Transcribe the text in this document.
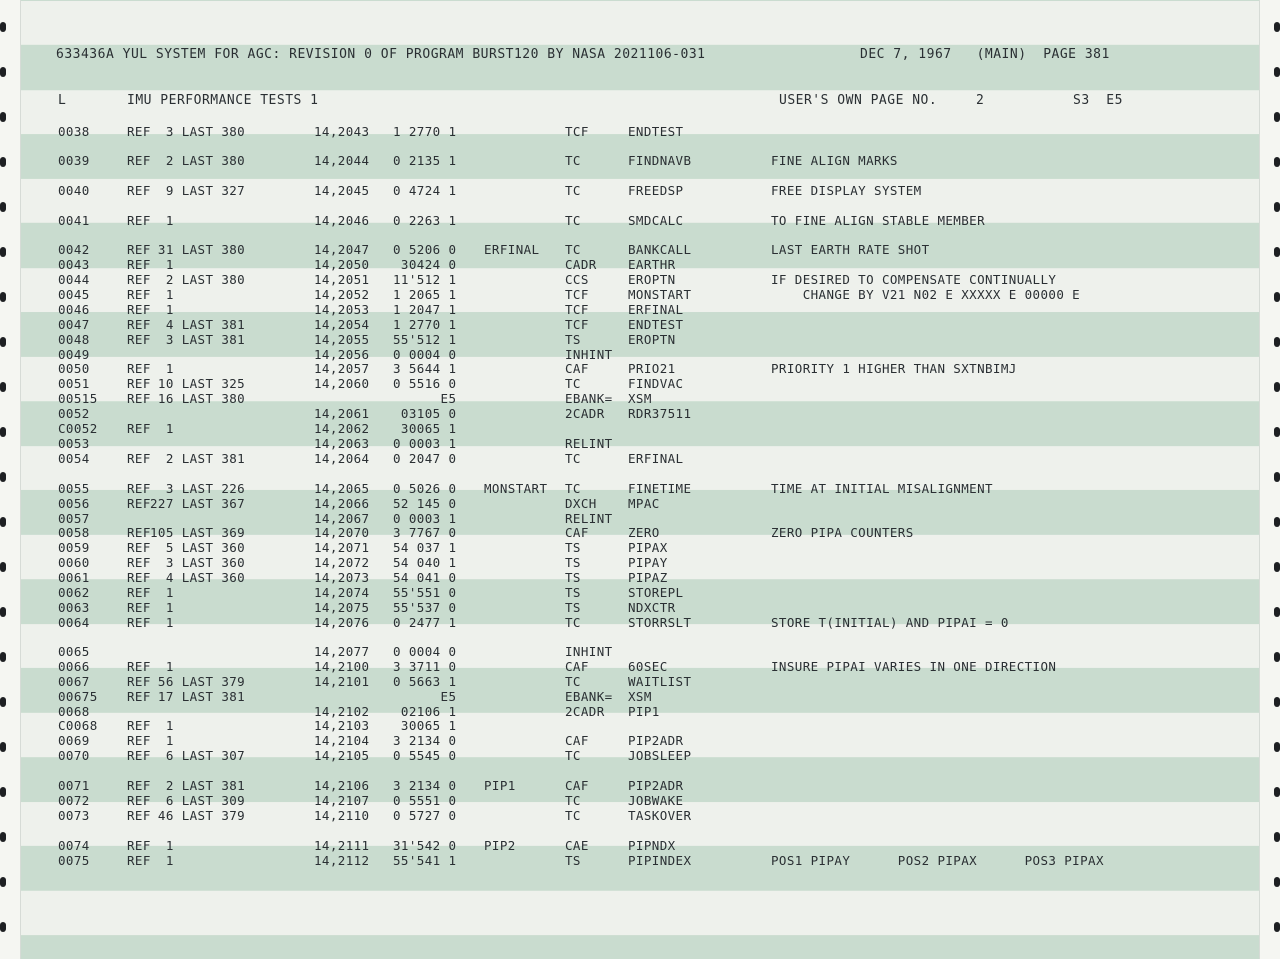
633436A YUL SYSTEM FOR AGC: REVISION 0 OF PROGRAM BURST120 BY NASA 2021106-031	DEC 7, 1967 (MAIN) PAGE 381
L	IMU PERFORMANCE TESTS 1	USER'S OWN PAGE NO.	2	S3  E5
0038	REF 3 LAST 380	14,2043 1 2770 1	TCF	ENDTEST
0039	REF 2 LAST 380	14,2044 0 2135 1	TC	FINDNAVB	FINE ALIGN MARKS
0040	REF 9 LAST 327	14,2045 0 4724 1	TC	FREEDSP	FREE DISPLAY SYSTEM
0041	REF 1	14,2046 0 2263 1	TC	SMDCALC	TO FINE ALIGN STABLE MEMBER
0042	REF 31 LAST 380	14,2047 0 5206 0 ERFINAL TC	BANKCALL	LAST EARTH RATE SHOT
0043	REF 1	14,2050 30424 0	CADR	EARTHR
0044	REF 2 LAST 380	14,2051 11'512 1	CCS	EROPTN	IF DESIRED TO COMPENSATE CONTINUALLY
0045	REF 1	14,2052 1 2065 1	TCF	MONSTART	CHANGE BY V21 N02 E XXXXX E 00000 E
0046	REF 1	14,2053 1 2047 1	TCF	ERFINAL
0047	REF 4 LAST 381	14,2054 1 2770 1	TCF	ENDTEST
0048	REF 3 LAST 381	14,2055 55'512 1	TS	EROPTN
0049	14,2056 0 0004 0	INHINT
0050	REF 1	14,2057 3 5644 1	CAF	PRIO21	PRIORITY 1 HIGHER THAN SXTNBIMJ
0051	REF 10 LAST 325	14,2060 0 5516 0	TC	FINDVAC
00515 REF 16 LAST 380	E5	EBANK= XSM
0052	14,2061 03105 0	2CADR RDR37511
C0052 REF 1	14,2062 30065 1
0053	14,2063 0 0003 1	RELINT
0054	REF 2 LAST 381	14,2064 0 2047 0	TC	ERFINAL
0055	REF 3 LAST 226	14,2065 0 5026 0 MONSTART TC	FINETIME	TIME AT INITIAL MISALIGNMENT
0056	REF 227 LAST 367	14,2066 52 145 0	DXCH	MPAC
0057	14,2067 0 0003 1	RELINT
0058	REF 105 LAST 369	14,2070 3 7767 0	CAF	ZERO	ZERO PIPA COUNTERS
0059	REF 5 LAST 360	14,2071 54 037 1	TS	PIPAX
0060	REF 3 LAST 360	14,2072 54 040 1	TS	PIPAY
0061	REF 4 LAST 360	14,2073 54 041 0	TS	PIPAZ
0062	REF 1	14,2074 55'551 0	TS	STOREPL
0063	REF 1	14,2075 55'537 0	TS	NDXCTR
0064	REF 1	14,2076 0 2477 1	TC	STORRSLT	STORE T(INITIAL) AND PIPAI = 0
0065	14,2077 0 0004 0	INHINT
0066	REF 1	14,2100 3 3711 0	CAF	60SEC	INSURE PIPAI VARIES IN ONE DIRECTION
0067	REF 56 LAST 379	14,2101 0 5663 1	TC	WAITLIST
00675 REF 17 LAST 381	E5	EBANK= XSM
0068	14,2102 02106 1	2CADR PIP1
C0068 REF 1	14,2103 30065 1
0069	REF 1	14,2104 3 2134 0	CAF	PIP2ADR
0070	REF 6 LAST 307	14,2105 0 5545 0	TC	JOBSLEEP
0071	REF 2 LAST 381	14,2106 3 2134 0 PIP1	CAF	PIP2ADR
0072	REF 6 LAST 309	14,2107 0 5551 0	TC	JOBWAKE
0073	REF 46 LAST 379	14,2110 0 5727 0	TC	TASKOVER
0074	REF 1	14,2111 31'542 0 PIP2	CAE	PIPNDX
0075	REF 1	14,2112 55'541 1	TS	PIPINDEX	POS1 PIPAY      POS2 PIPAX      POS3 PIPAX
